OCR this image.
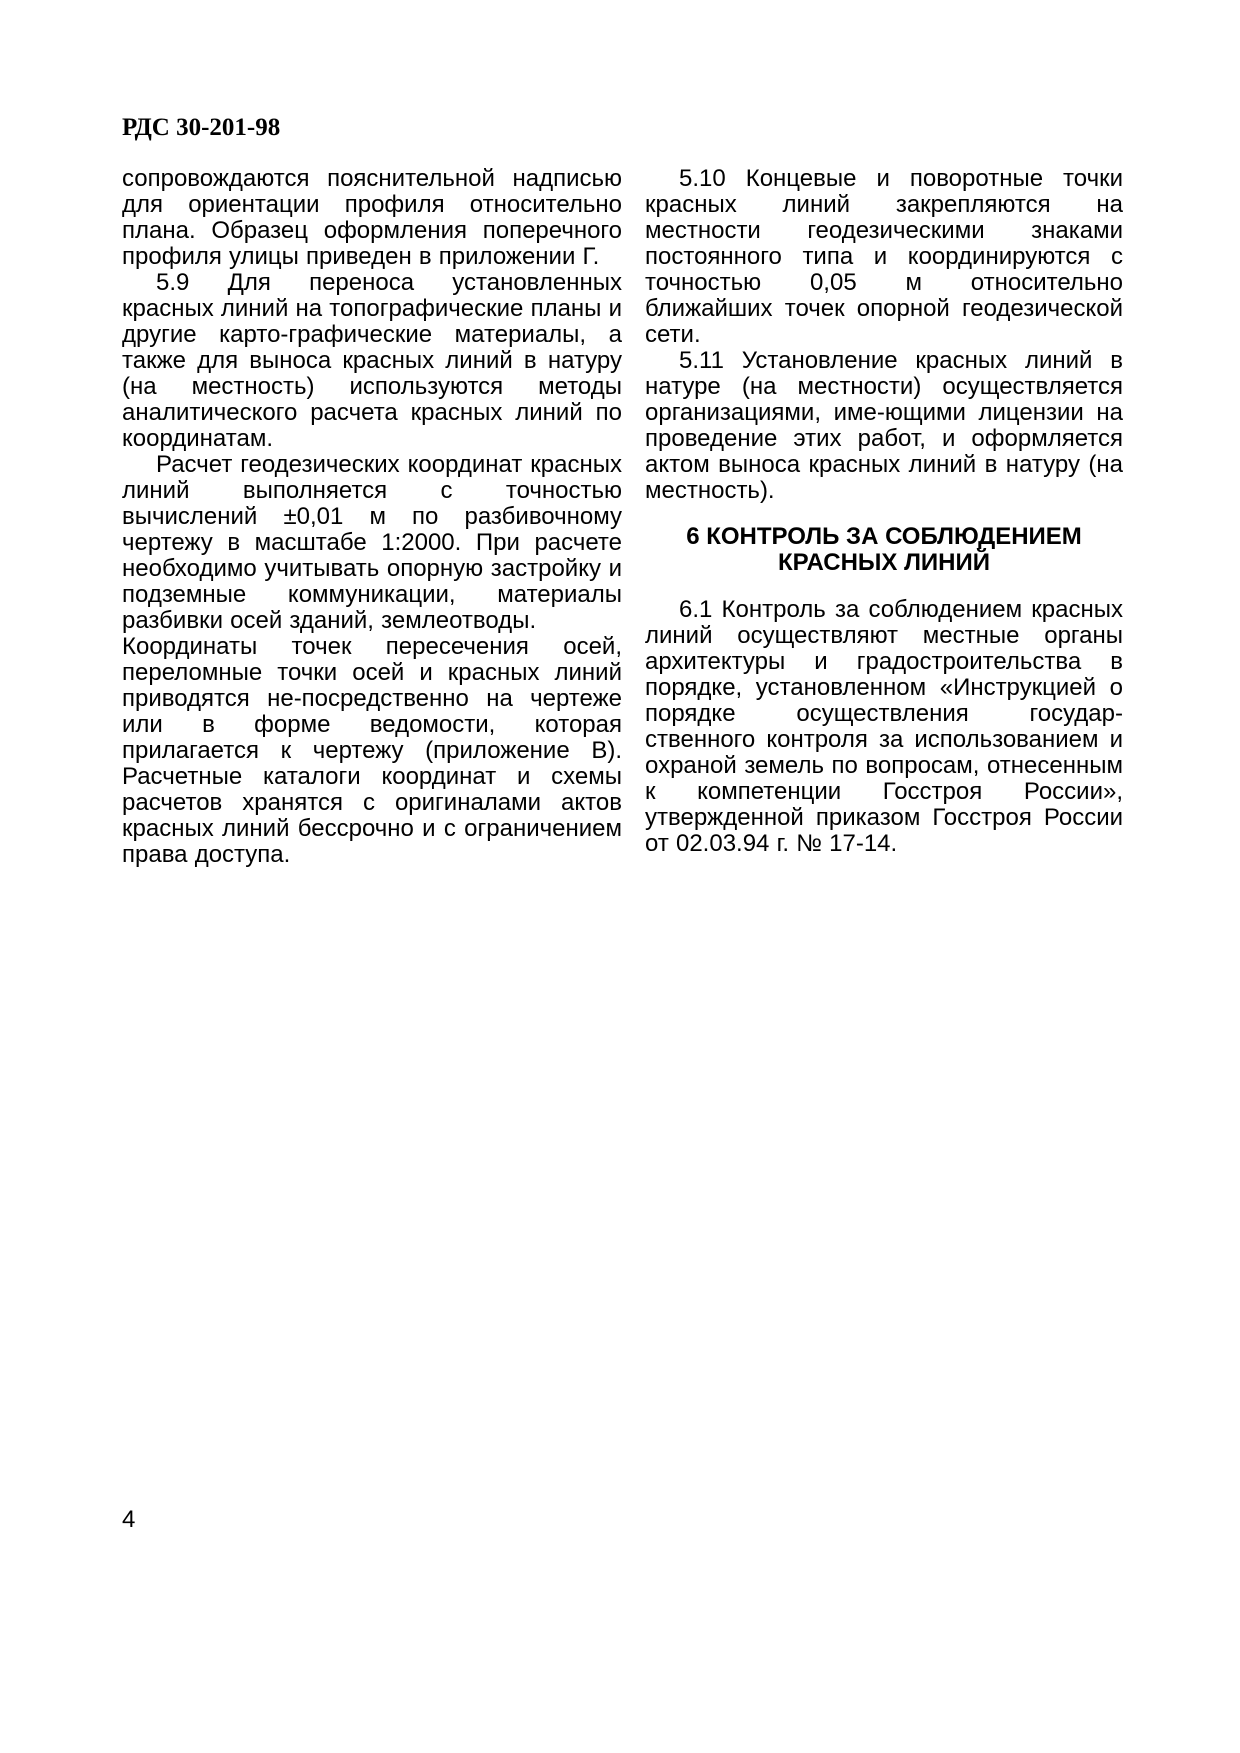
РДС 30-201-98

сопровождаются пояснительной надписью для ориентации профиля относительно плана. Образец оформления поперечного профиля улицы приведен в приложении Г.

5.9 Для переноса установленных красных линий на топографические планы и другие карто-графические материалы, а также для выноса красных линий в натуру (на местность) используются методы аналитического расчета красных линий по координатам.

Расчет геодезических координат красных линий выполняется с точностью вычислений ±0,01 м по разбивочному чертежу в масштабе 1:2000. При расчете необходимо учитывать опорную застройку и подземные коммуникации, материалы разбивки осей зданий, землеотводы.

Координаты точек пересечения осей, переломные точки осей и красных линий приводятся не-посредственно на чертеже или в форме ведомости, которая прилагается к чертежу (приложение В). Расчетные каталоги координат и схемы расчетов хранятся с оригиналами актов красных линий бессрочно и с ограничением права доступа.

5.10 Концевые и поворотные точки красных линий закрепляются на местности геодезическими знаками постоянного типа и координируются с точностью 0,05 м относительно ближайших точек опорной геодезической сети.

5.11 Установление красных линий в натуре (на местности) осуществляется организациями, име-ющими лицензии на проведение этих работ, и оформляется актом выноса красных линий в натуру (на местность).

6 КОНТРОЛЬ ЗА СОБЛЮДЕНИЕМ
КРАСНЫХ ЛИНИЙ

6.1 Контроль за соблюдением красных линий осуществляют местные органы архитектуры и градостроительства в порядке, установленном «Инструкцией о порядке осуществления государ-ственного контроля за использованием и охраной земель по вопросам, отнесенным к компетенции Госстроя России», утвержденной приказом Госстроя России от 02.03.94 г. № 17-14.

4
